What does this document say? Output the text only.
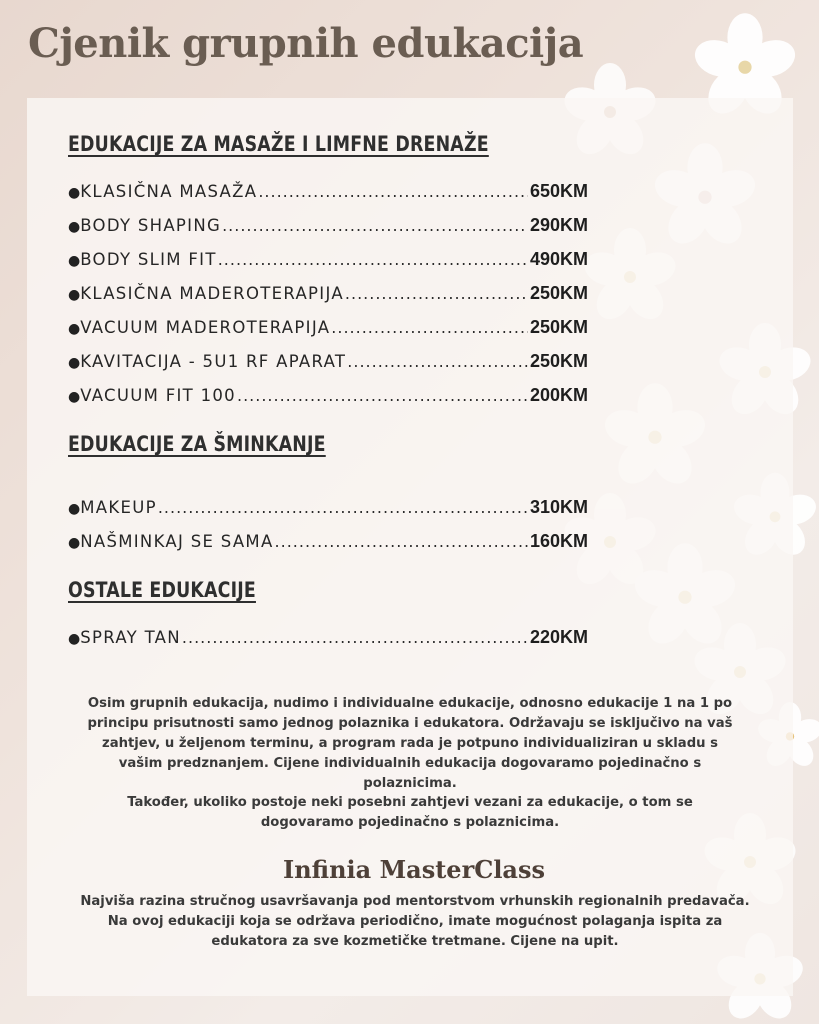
Cjenik grupnih edukacija
EDUKACIJE ZA MASAŽE I LIMFNE DRENAŽE
● KLASIČNA MASAŽA .....	650KM
● BODY SHAPING .....	290KM
● BODY SLIM FIT .....	490KM
● KLASIČNA MADEROTERAPIJA .....	250KM
● VACUUM MADEROTERAPIJA .....	250KM
● KAVITACIJA - 5U1 RF APARAT .....	250KM
● VACUUM FIT 100 .....	200KM
EDUKACIJE ZA ŠMINKANJE
● MAKEUP .....	310KM
● NAŠMINKAJ SE SAMA .....	160KM
OSTALE EDUKACIJE
● SPRAY TAN .....	220KM

Osim grupnih edukacija, nudimo i individualne edukacije, odnosno edukacije 1 na 1 po principu prisutnosti samo jednog polaznika i edukatora. Održavaju se isključivo na vaš zahtjev, u željenom terminu, a program rada je potpuno individualiziran u skladu s vašim predznanjem. Cijene individualnih edukacija dogovaramo pojedinačno s polaznicima.

Također, ukoliko postoje neki posebni zahtjevi vezani za edukacije, o tom se dogovaramo pojedinačno s polaznicima.

Infinia MasterClass

Najviša razina stručnog usavršavanja pod mentorstvom vrhunskih regionalnih predavača. Na ovoj edukaciji koja se održava periodično, imate mogućnost polaganja ispita za edukatora za sve kozmetičke tretmane. Cijene na upit.
